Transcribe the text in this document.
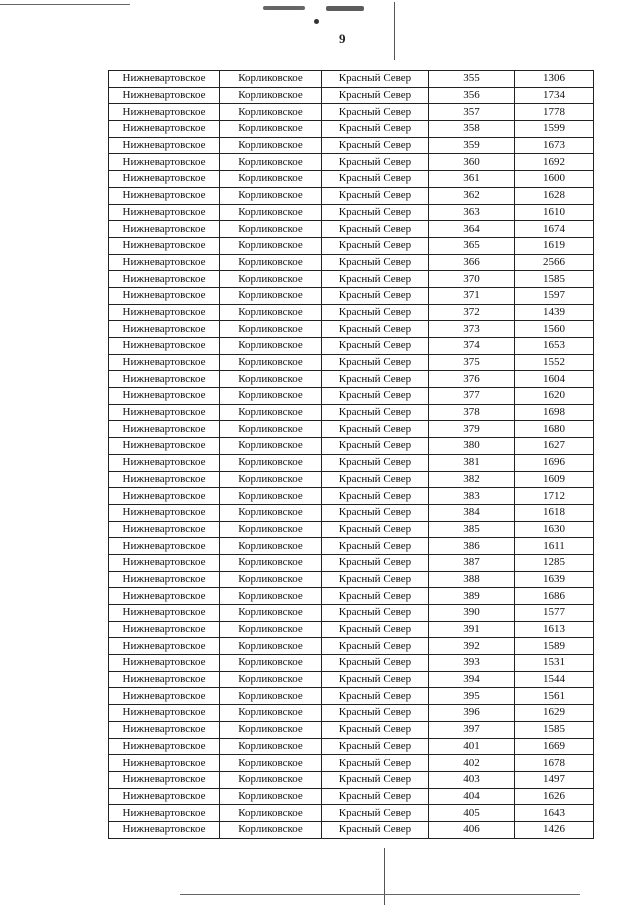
9
Нижневартовское	Корликовское	Красный Север	355	1306
Нижневартовское	Корликовское	Красный Север	356	1734
Нижневартовское	Корликовское	Красный Север	357	1778
Нижневартовское	Корликовское	Красный Север	358	1599
Нижневартовское	Корликовское	Красный Север	359	1673
Нижневартовское	Корликовское	Красный Север	360	1692
Нижневартовское	Корликовское	Красный Север	361	1600
Нижневартовское	Корликовское	Красный Север	362	1628
Нижневартовское	Корликовское	Красный Север	363	1610
Нижневартовское	Корликовское	Красный Север	364	1674
Нижневартовское	Корликовское	Красный Север	365	1619
Нижневартовское	Корликовское	Красный Север	366	2566
Нижневартовское	Корликовское	Красный Север	370	1585
Нижневартовское	Корликовское	Красный Север	371	1597
Нижневартовское	Корликовское	Красный Север	372	1439
Нижневартовское	Корликовское	Красный Север	373	1560
Нижневартовское	Корликовское	Красный Север	374	1653
Нижневартовское	Корликовское	Красный Север	375	1552
Нижневартовское	Корликовское	Красный Север	376	1604
Нижневартовское	Корликовское	Красный Север	377	1620
Нижневартовское	Корликовское	Красный Север	378	1698
Нижневартовское	Корликовское	Красный Север	379	1680
Нижневартовское	Корликовское	Красный Север	380	1627
Нижневартовское	Корликовское	Красный Север	381	1696
Нижневартовское	Корликовское	Красный Север	382	1609
Нижневартовское	Корликовское	Красный Север	383	1712
Нижневартовское	Корликовское	Красный Север	384	1618
Нижневартовское	Корликовское	Красный Север	385	1630
Нижневартовское	Корликовское	Красный Север	386	1611
Нижневартовское	Корликовское	Красный Север	387	1285
Нижневартовское	Корликовское	Красный Север	388	1639
Нижневартовское	Корликовское	Красный Север	389	1686
Нижневартовское	Корликовское	Красный Север	390	1577
Нижневартовское	Корликовское	Красный Север	391	1613
Нижневартовское	Корликовское	Красный Север	392	1589
Нижневартовское	Корликовское	Красный Север	393	1531
Нижневартовское	Корликовское	Красный Север	394	1544
Нижневартовское	Корликовское	Красный Север	395	1561
Нижневартовское	Корликовское	Красный Север	396	1629
Нижневартовское	Корликовское	Красный Север	397	1585
Нижневартовское	Корликовское	Красный Север	401	1669
Нижневартовское	Корликовское	Красный Север	402	1678
Нижневартовское	Корликовское	Красный Север	403	1497
Нижневартовское	Корликовское	Красный Север	404	1626
Нижневартовское	Корликовское	Красный Север	405	1643
Нижневартовское	Корликовское	Красный Север	406	1426
